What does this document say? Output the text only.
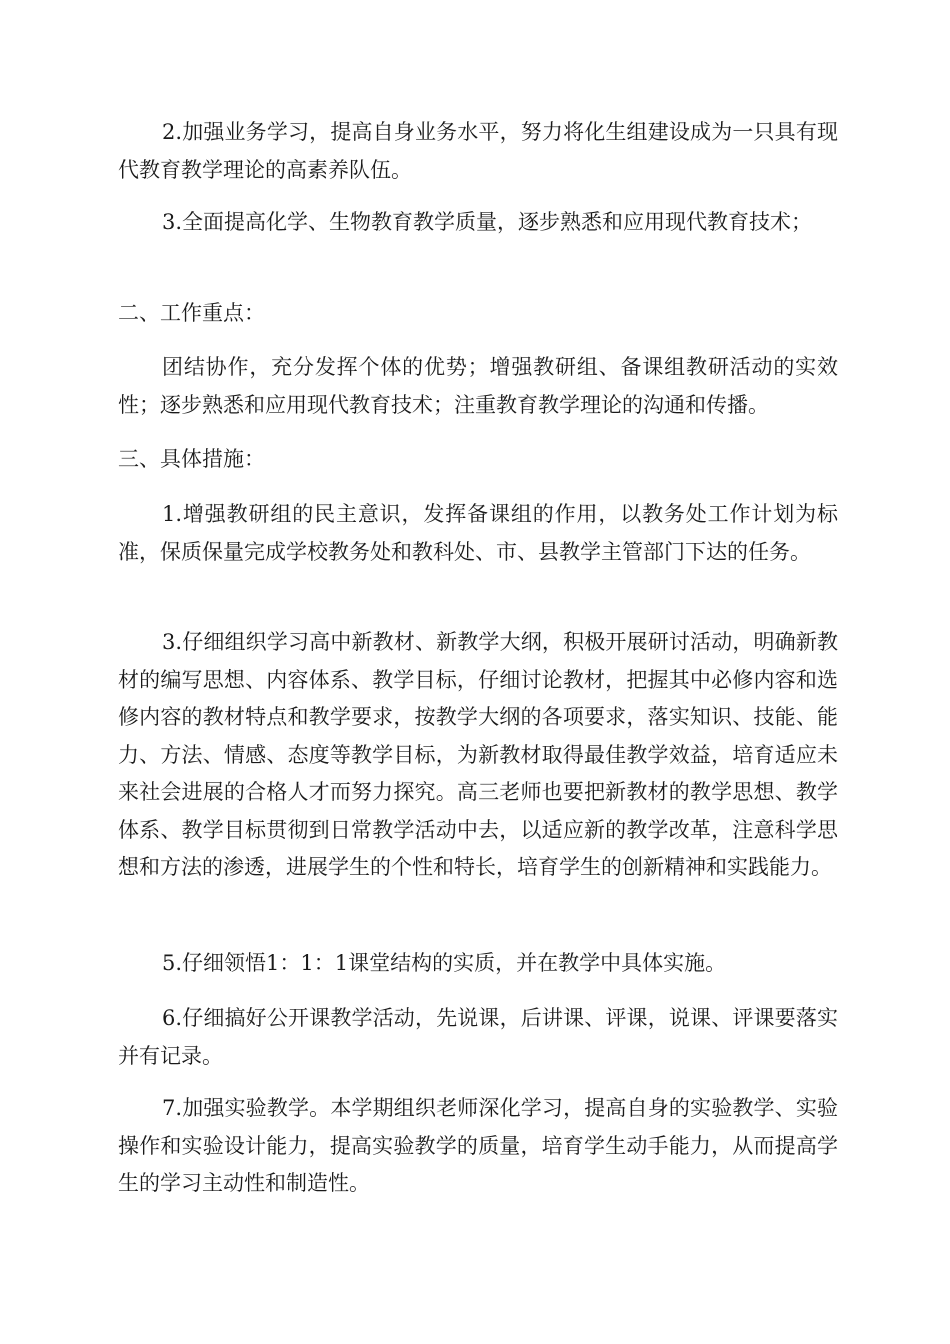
2.加强业务学习，提高自身业务水平，努力将化生组建设成为一只具有现代教育教学理论的高素养队伍。

3.全面提高化学、生物教育教学质量，逐步熟悉和应用现代教育技术；

二、工作重点：

团结协作，充分发挥个体的优势；增强教研组、备课组教研活动的实效性；逐步熟悉和应用现代教育技术；注重教育教学理论的沟通和传播。

三、具体措施：

1.增强教研组的民主意识，发挥备课组的作用，以教务处工作计划为标准，保质保量完成学校教务处和教科处、市、县教学主管部门下达的任务。

3.仔细组织学习高中新教材、新教学大纲，积极开展研讨活动，明确新教材的编写思想、内容体系、教学目标，仔细讨论教材，把握其中必修内容和选修内容的教材特点和教学要求，按教学大纲的各项要求，落实知识、技能、能力、方法、情感、态度等教学目标，为新教材取得最佳教学效益，培育适应未来社会进展的合格人才而努力探究。高三老师也要把新教材的教学思想、教学体系、教学目标贯彻到日常教学活动中去，以适应新的教学改革，注意科学思想和方法的渗透，进展学生的个性和特长，培育学生的创新精神和实践能力。

5.仔细领悟1：1：1课堂结构的实质，并在教学中具体实施。

6.仔细搞好公开课教学活动，先说课，后讲课、评课，说课、评课要落实并有记录。

7.加强实验教学。本学期组织老师深化学习，提高自身的实验教学、实验操作和实验设计能力，提高实验教学的质量，培育学生动手能力，从而提高学生的学习主动性和制造性。
